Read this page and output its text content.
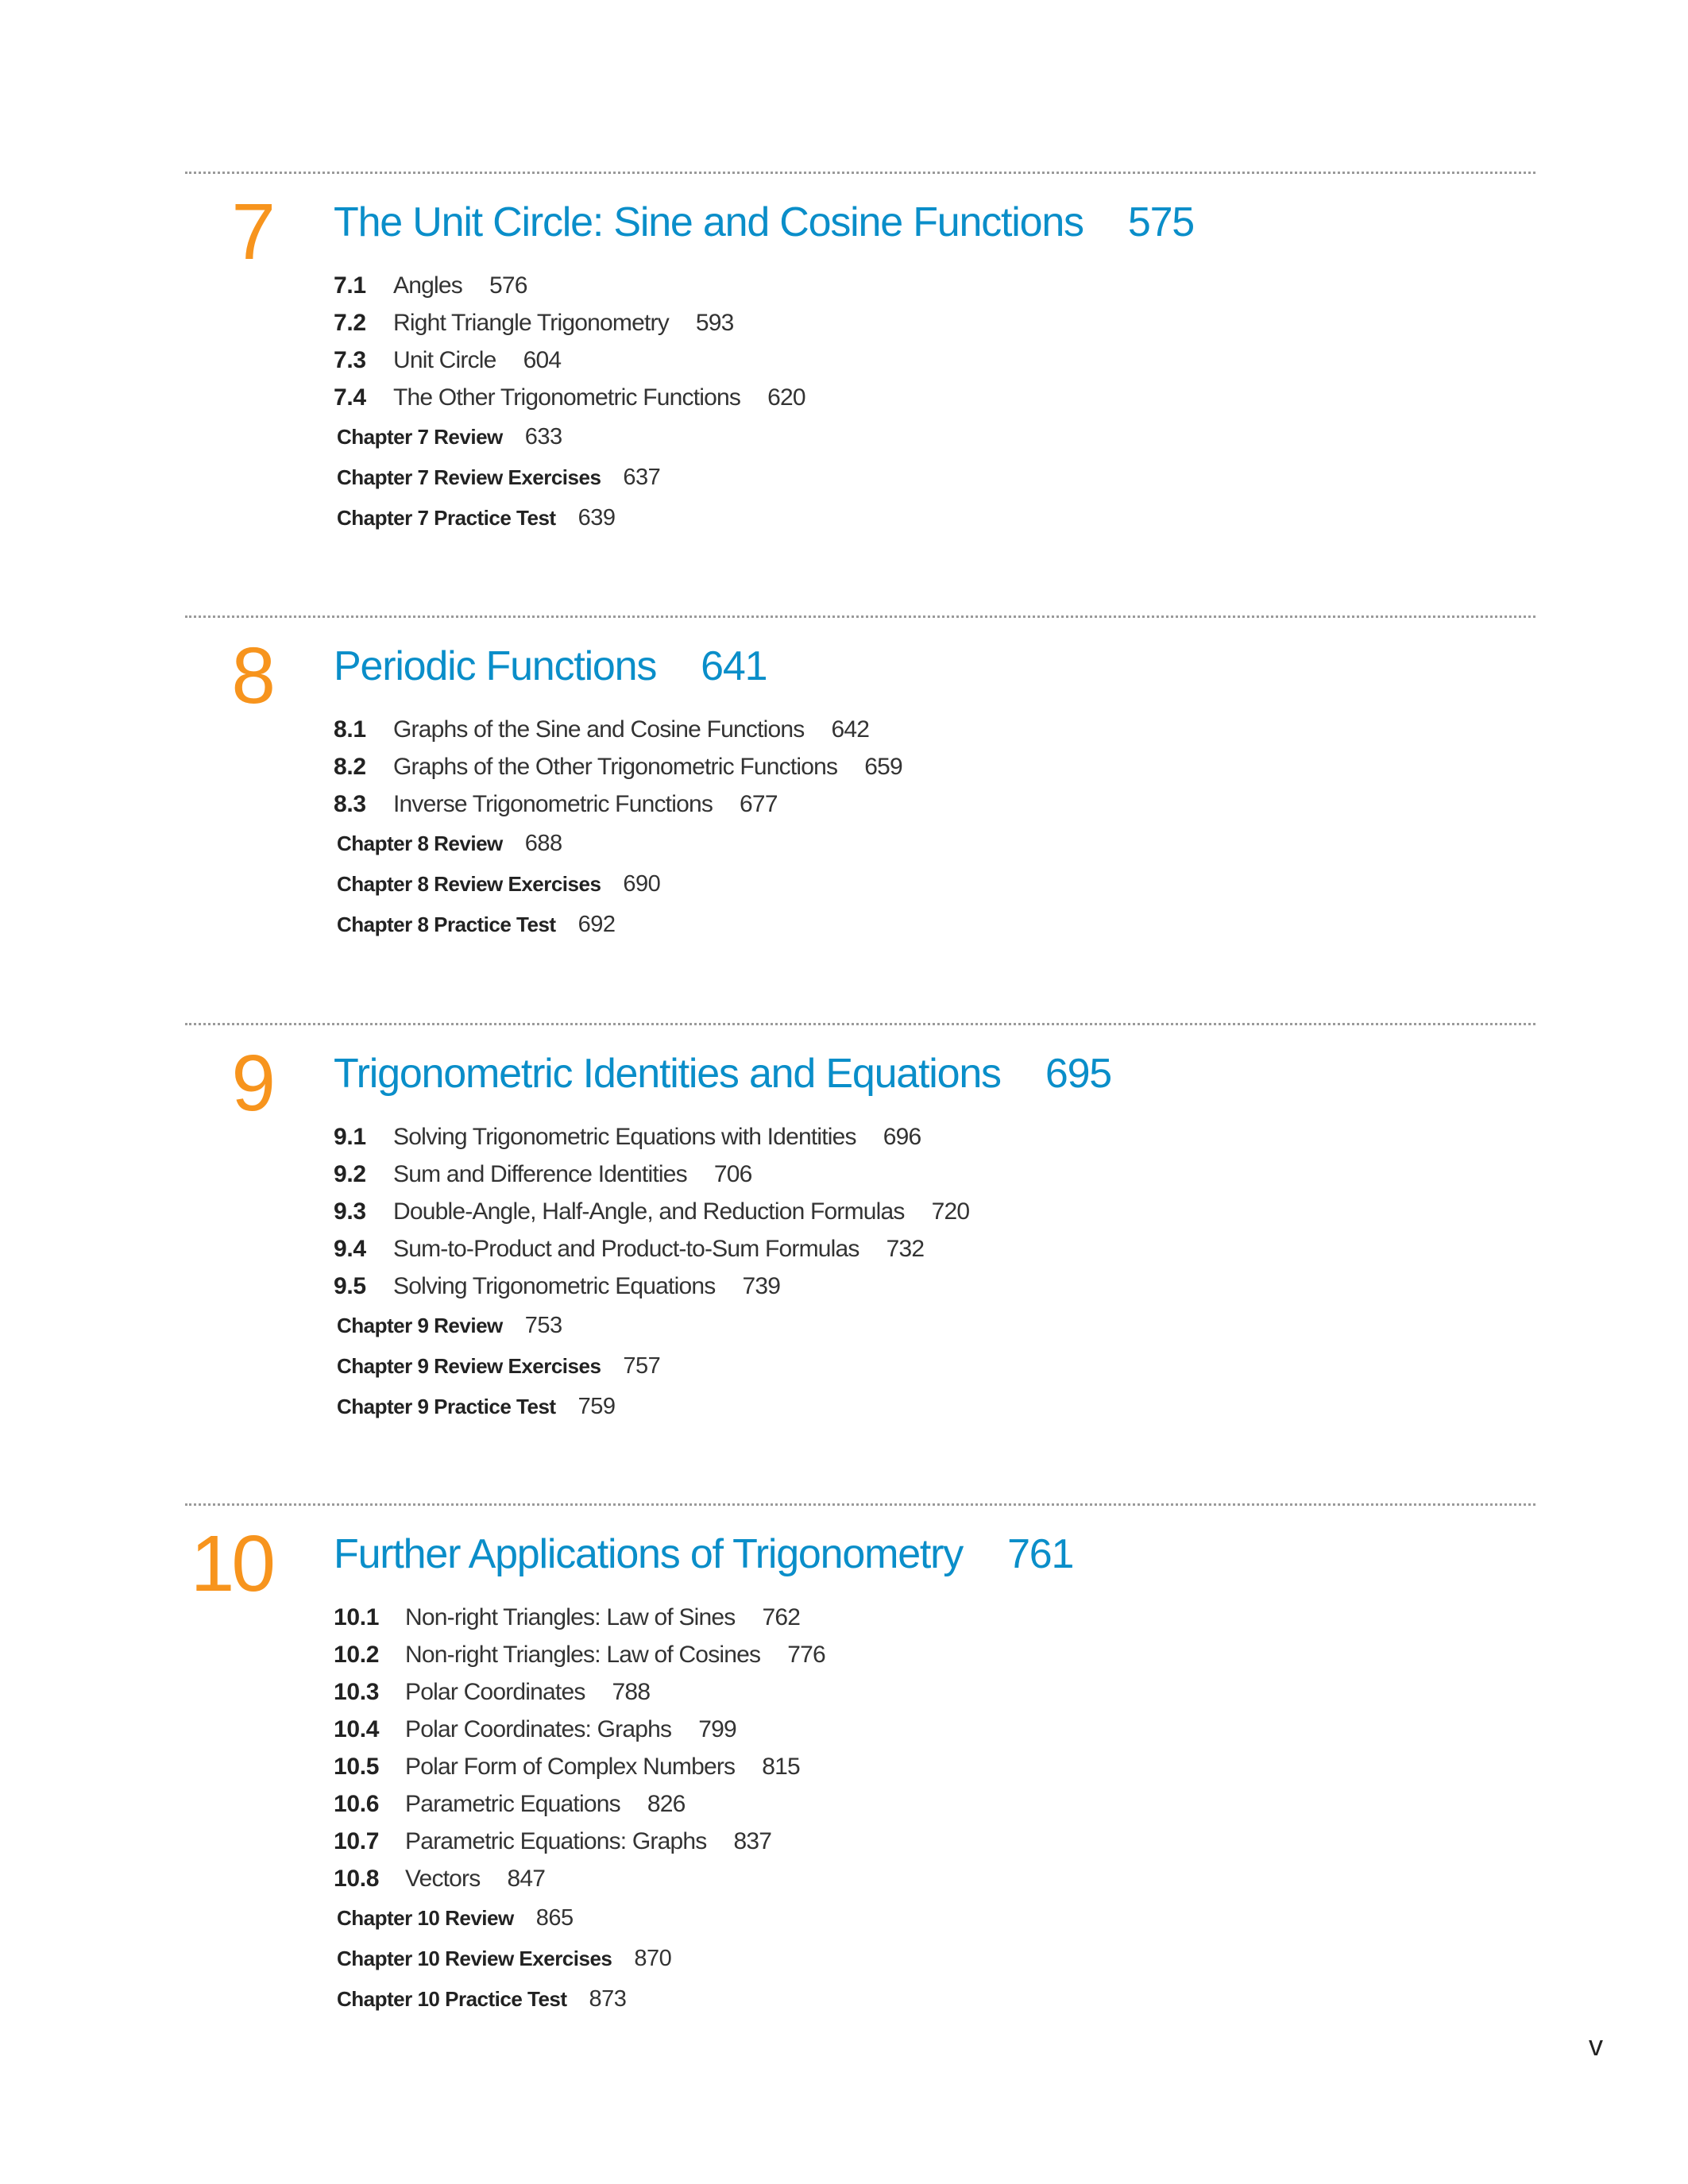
7 The Unit Circle: Sine and Cosine Functions 575
7.1 Angles 576
7.2 Right Triangle Trigonometry 593
7.3 Unit Circle 604
7.4 The Other Trigonometric Functions 620
Chapter 7 Review 633
Chapter 7 Review Exercises 637
Chapter 7 Practice Test 639
8 Periodic Functions 641
8.1 Graphs of the Sine and Cosine Functions 642
8.2 Graphs of the Other Trigonometric Functions 659
8.3 Inverse Trigonometric Functions 677
Chapter 8 Review 688
Chapter 8 Review Exercises 690
Chapter 8 Practice Test 692
9 Trigonometric Identities and Equations 695
9.1 Solving Trigonometric Equations with Identities 696
9.2 Sum and Difference Identities 706
9.3 Double-Angle, Half-Angle, and Reduction Formulas 720
9.4 Sum-to-Product and Product-to-Sum Formulas 732
9.5 Solving Trigonometric Equations 739
Chapter 9 Review 753
Chapter 9 Review Exercises 757
Chapter 9 Practice Test 759
10 Further Applications of Trigonometry 761
10.1 Non-right Triangles: Law of Sines 762
10.2 Non-right Triangles: Law of Cosines 776
10.3 Polar Coordinates 788
10.4 Polar Coordinates: Graphs 799
10.5 Polar Form of Complex Numbers 815
10.6 Parametric Equations 826
10.7 Parametric Equations: Graphs 837
10.8 Vectors 847
Chapter 10 Review 865
Chapter 10 Review Exercises 870
Chapter 10 Practice Test 873
v
